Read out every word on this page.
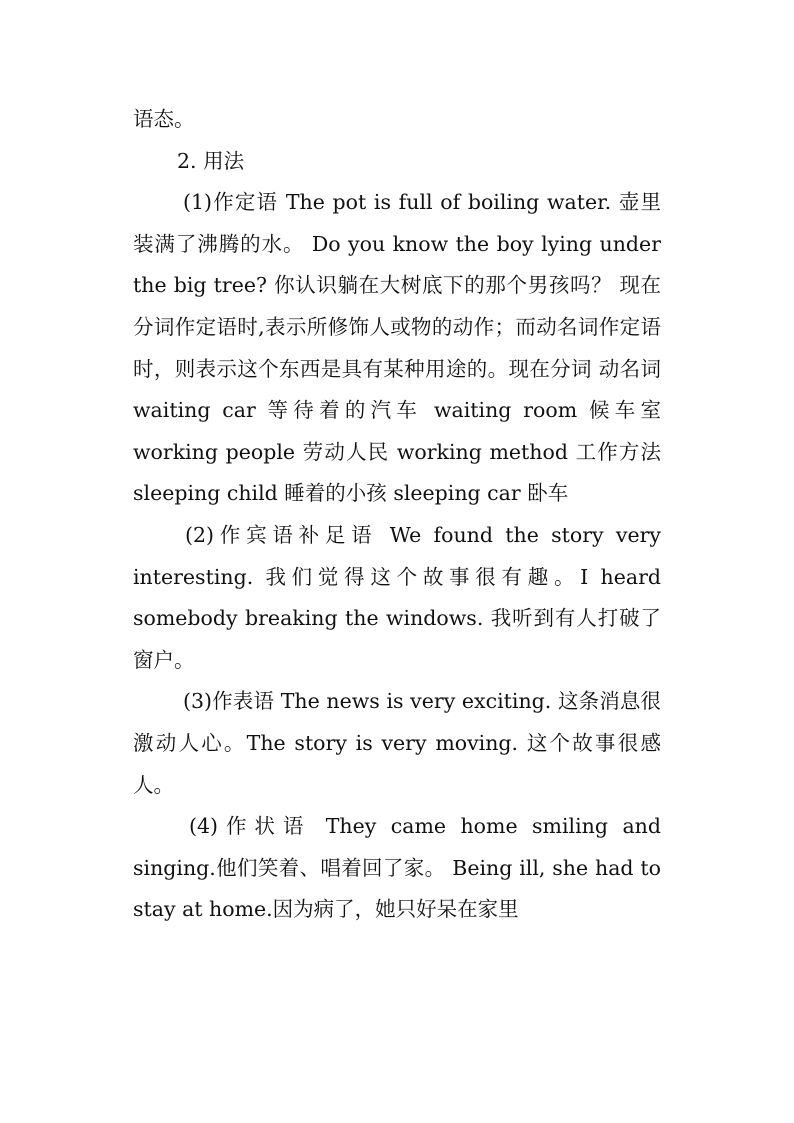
语态。

2. 用法

(1)作定语 The pot is full of boiling water. 壶里装满了沸腾的水。 Do you know the boy lying under the big tree? 你认识躺在大树底下的那个男孩吗？ 现在分词作定语时,表示所修饰人或物的动作；而动名词作定语时，则表示这个东西是具有某种用途的。现在分词 动名词 waiting car 等待着的汽车 waiting room 候车室 working people 劳动人民 working method 工作方法 sleeping child 睡着的小孩 sleeping car 卧车

(2)作宾语补足语 We found the story very interesting. 我们觉得这个故事很有趣。I heard somebody breaking the windows. 我听到有人打破了窗户。

(3)作表语 The news is very exciting. 这条消息很激动人心。The story is very moving. 这个故事很感人。

(4)作状语 They came home smiling and singing.他们笑着、唱着回了家。 Being ill, she had to stay at home.因为病了，她只好呆在家里
